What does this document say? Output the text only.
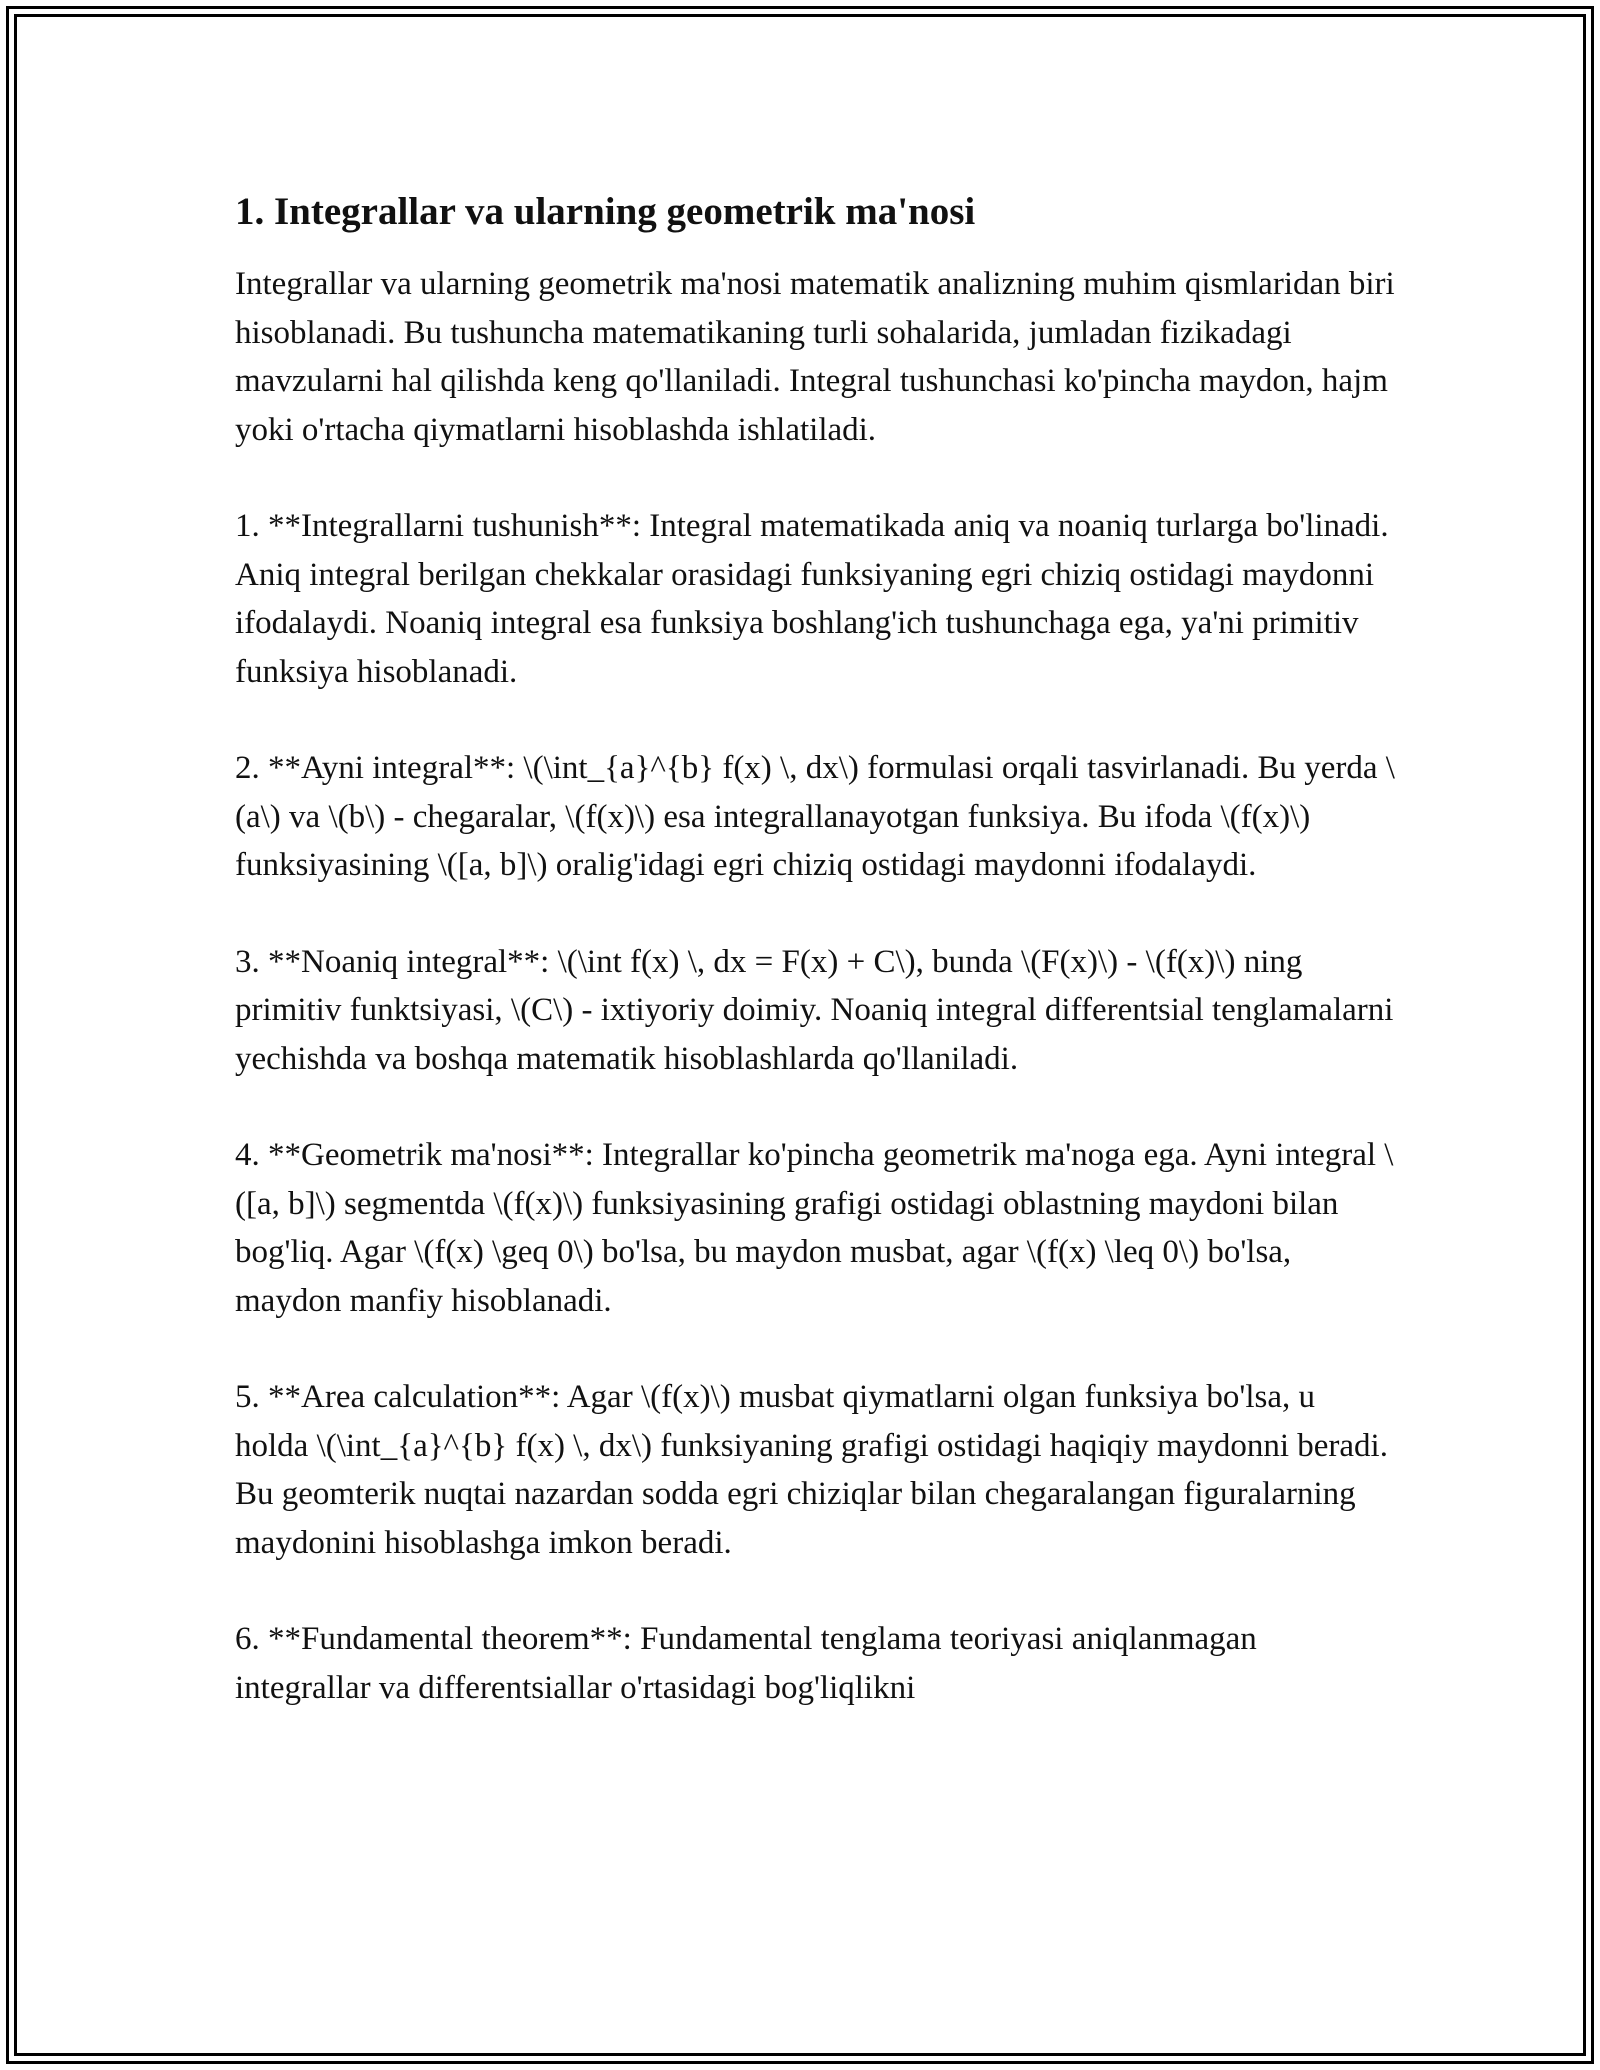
1. Integrallar va ularning geometrik ma'nosi

Integrallar va ularning geometrik ma'nosi matematik analizning muhim qismlaridan biri hisoblanadi. Bu tushuncha matematikaning turli sohalarida, jumladan fizikadagi mavzularni hal qilishda keng qo'llaniladi. Integral tushunchasi ko'pincha maydon, hajm yoki o'rtacha qiymatlarni hisoblashda ishlatiladi.

1. **Integrallarni tushunish**: Integral matematikada aniq va noaniq turlarga bo'linadi. Aniq integral berilgan chekkalar orasidagi funksiyaning egri chiziq ostidagi maydonni ifodalaydi. Noaniq integral esa funksiya boshlang'ich tushunchaga ega, ya'ni primitiv funksiya hisoblanadi.

2. **Ayni integral**: \(\int_{a}^{b} f(x) \, dx\) formulasi orqali tasvirlanadi. Bu yerda \(a\) va \(b\) - chegaralar, \(f(x)\) esa integrallanayotgan funksiya. Bu ifoda \(f(x)\) funksiyasining \([a, b]\) oralig'idagi egri chiziq ostidagi maydonni ifodalaydi.

3. **Noaniq integral**: \(\int f(x) \, dx = F(x) + C\), bunda \(F(x)\) - \(f(x)\) ning primitiv funktsiyasi, \(C\) - ixtiyoriy doimiy. Noaniq integral differentsial tenglamalarni yechishda va boshqa matematik hisoblashlarda qo'llaniladi.

4. **Geometrik ma'nosi**: Integrallar ko'pincha geometrik ma'noga ega. Ayni integral \([a, b]\) segmentda \(f(x)\) funksiyasining grafigi ostidagi oblastning maydoni bilan bog'liq. Agar \(f(x) \geq 0\) bo'lsa, bu maydon musbat, agar \(f(x) \leq 0\) bo'lsa, maydon manfiy hisoblanadi.

5. **Area calculation**: Agar \(f(x)\) musbat qiymatlarni olgan funksiya bo'lsa, u holda \(\int_{a}^{b} f(x) \, dx\) funksiyaning grafigi ostidagi haqiqiy maydonni beradi. Bu geomterik nuqtai nazardan sodda egri chiziqlar bilan chegaralangan figuralarning maydonini hisoblashga imkon beradi.

6. **Fundamental theorem**: Fundamental tenglama teoriyasi aniqlanmagan integrallar va differentsiallar o'rtasidagi bog'liqlikni
